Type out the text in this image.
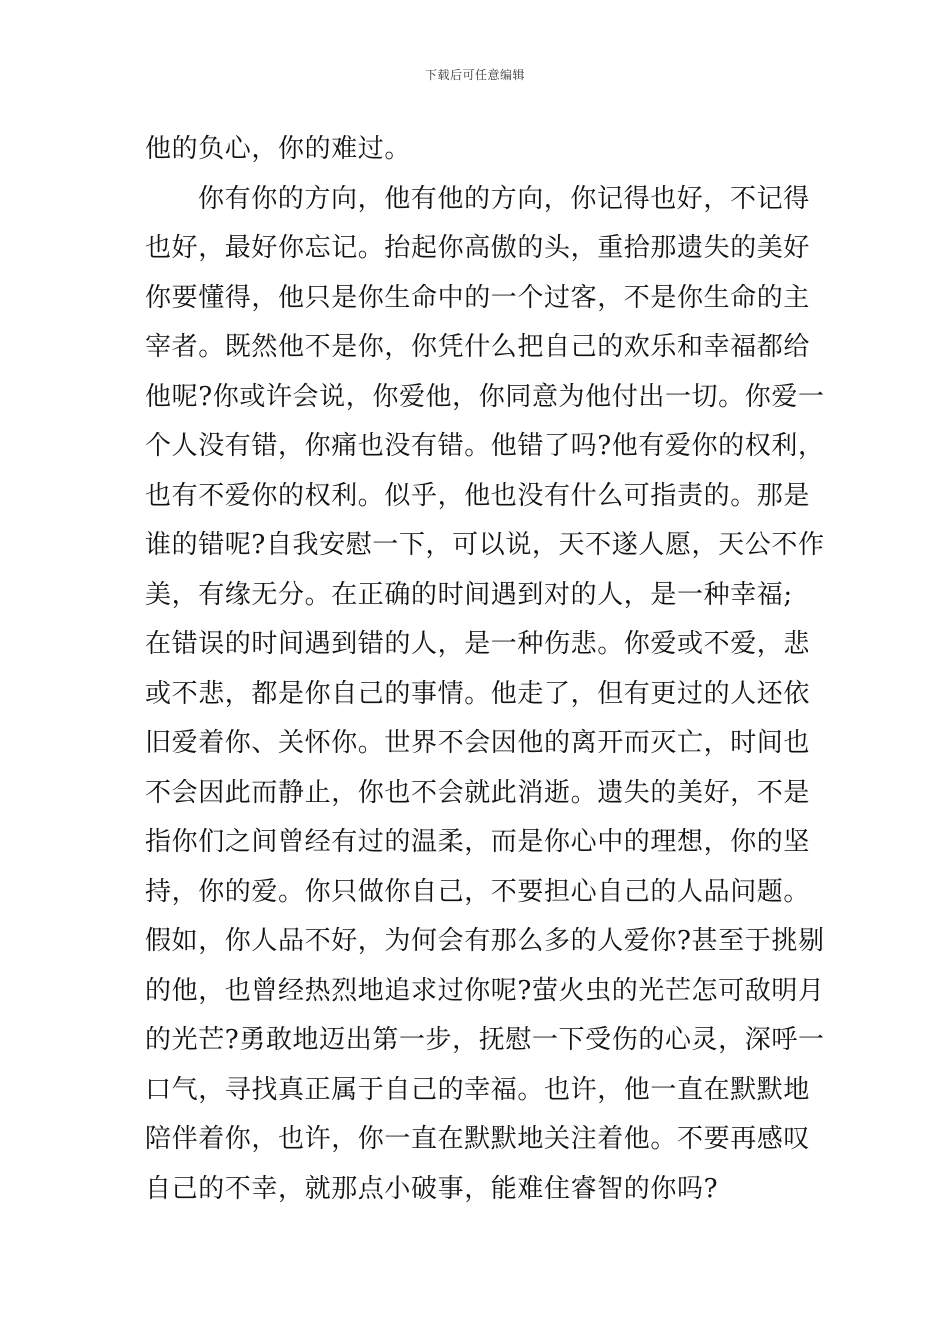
下载后可任意编辑
他的负心，你的难过。
你有你的方向，他有他的方向，你记得也好，不记得
也好，最好你忘记。抬起你高傲的头，重拾那遗失的美好
你要懂得，他只是你生命中的一个过客，不是你生命的主
宰者。既然他不是你，你凭什么把自己的欢乐和幸福都给
他呢?你或许会说，你爱他，你同意为他付出一切。你爱一
个人没有错，你痛也没有错。他错了吗?他有爱你的权利，
也有不爱你的权利。似乎，他也没有什么可指责的。那是
谁的错呢?自我安慰一下，可以说，天不遂人愿，天公不作
美，有缘无分。在正确的时间遇到对的人，是一种幸福;
在错误的时间遇到错的人，是一种伤悲。你爱或不爱，悲
或不悲，都是你自己的事情。他走了，但有更过的人还依
旧爱着你、关怀你。世界不会因他的离开而灭亡，时间也
不会因此而静止，你也不会就此消逝。遗失的美好，不是
指你们之间曾经有过的温柔，而是你心中的理想，你的坚
持，你的爱。你只做你自己，不要担心自己的人品问题。
假如，你人品不好，为何会有那么多的人爱你?甚至于挑剔
的他，也曾经热烈地追求过你呢?萤火虫的光芒怎可敌明月
的光芒?勇敢地迈出第一步，抚慰一下受伤的心灵，深呼一
口气，寻找真正属于自己的幸福。也许，他一直在默默地
陪伴着你，也许，你一直在默默地关注着他。不要再感叹
自己的不幸，就那点小破事，能难住睿智的你吗?
